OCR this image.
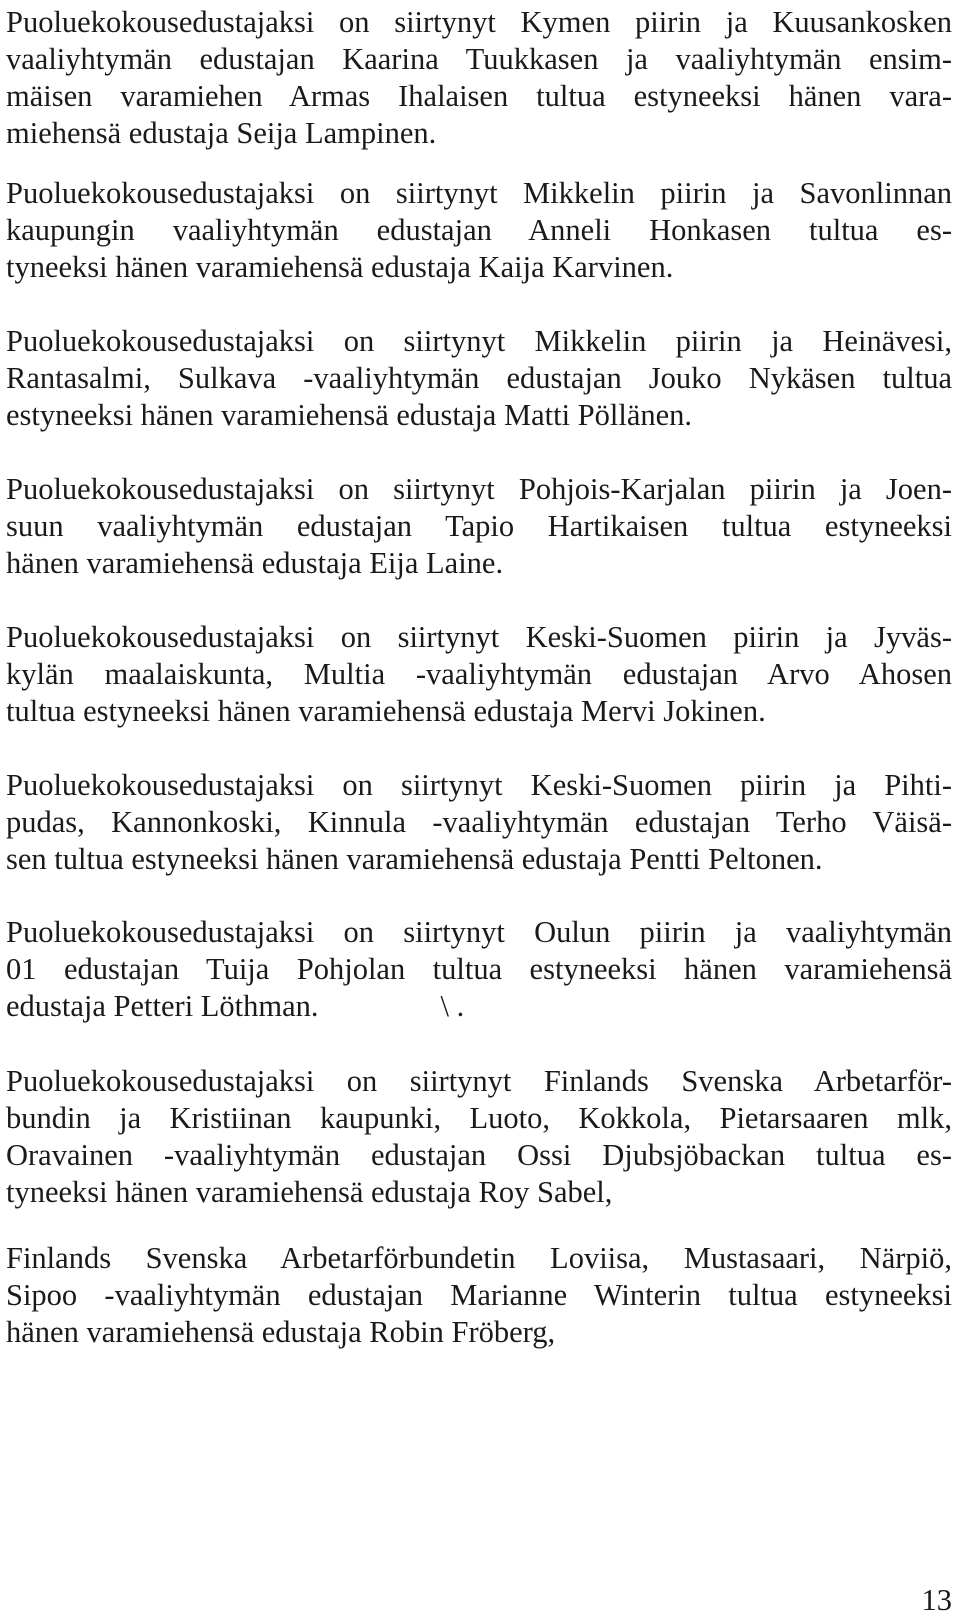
Puoluekokousedustajaksi on siirtynyt Kymen piirin ja Kuusankosken
vaaliyhtymän edustajan Kaarina Tuukkasen ja vaaliyhtymän ensim-
mäisen varamiehen Armas Ihalaisen tultua estyneeksi hänen vara-
miehensä edustaja Seija Lampinen.

Puoluekokousedustajaksi on siirtynyt Mikkelin piirin ja Savonlinnan
kaupungin vaaliyhtymän edustajan Anneli Honkasen tultua es-
tyneeksi hänen varamiehensä edustaja Kaija Karvinen.

Puoluekokousedustajaksi on siirtynyt Mikkelin piirin ja Heinävesi,
Rantasalmi, Sulkava -vaaliyhtymän edustajan Jouko Nykäsen tultua
estyneeksi hänen varamiehensä edustaja Matti Pöllänen.

Puoluekokousedustajaksi on siirtynyt Pohjois-Karjalan piirin ja Joen-
suun vaaliyhtymän edustajan Tapio Hartikaisen tultua estyneeksi
hänen varamiehensä edustaja Eija Laine.

Puoluekokousedustajaksi on siirtynyt Keski-Suomen piirin ja Jyväs-
kylän maalaiskunta, Multia -vaaliyhtymän edustajan Arvo Ahosen
tultua estyneeksi hänen varamiehensä edustaja Mervi Jokinen.

Puoluekokousedustajaksi on siirtynyt Keski-Suomen piirin ja Pihti-
pudas, Kannonkoski, Kinnula -vaaliyhtymän edustajan Terho Väisä-
sen tultua estyneeksi hänen varamiehensä edustaja Pentti Peltonen.

Puoluekokousedustajaksi on siirtynyt Oulun piirin ja vaaliyhtymän
01 edustajan Tuija Pohjolan tultua estyneeksi hänen varamiehensä
edustaja Petteri Löthman.                \ .

Puoluekokousedustajaksi on siirtynyt Finlands Svenska Arbetarför-
bundin ja Kristiinan kaupunki, Luoto, Kokkola, Pietarsaaren mlk,
Oravainen -vaaliyhtymän edustajan Ossi Djubsjöbackan tultua es-
tyneeksi hänen varamiehensä edustaja Roy Sabel,

Finlands Svenska Arbetarförbundetin Loviisa, Mustasaari, Närpiö,
Sipoo -vaaliyhtymän edustajan Marianne Winterin tultua estyneeksi
hänen varamiehensä edustaja Robin Fröberg,

13
